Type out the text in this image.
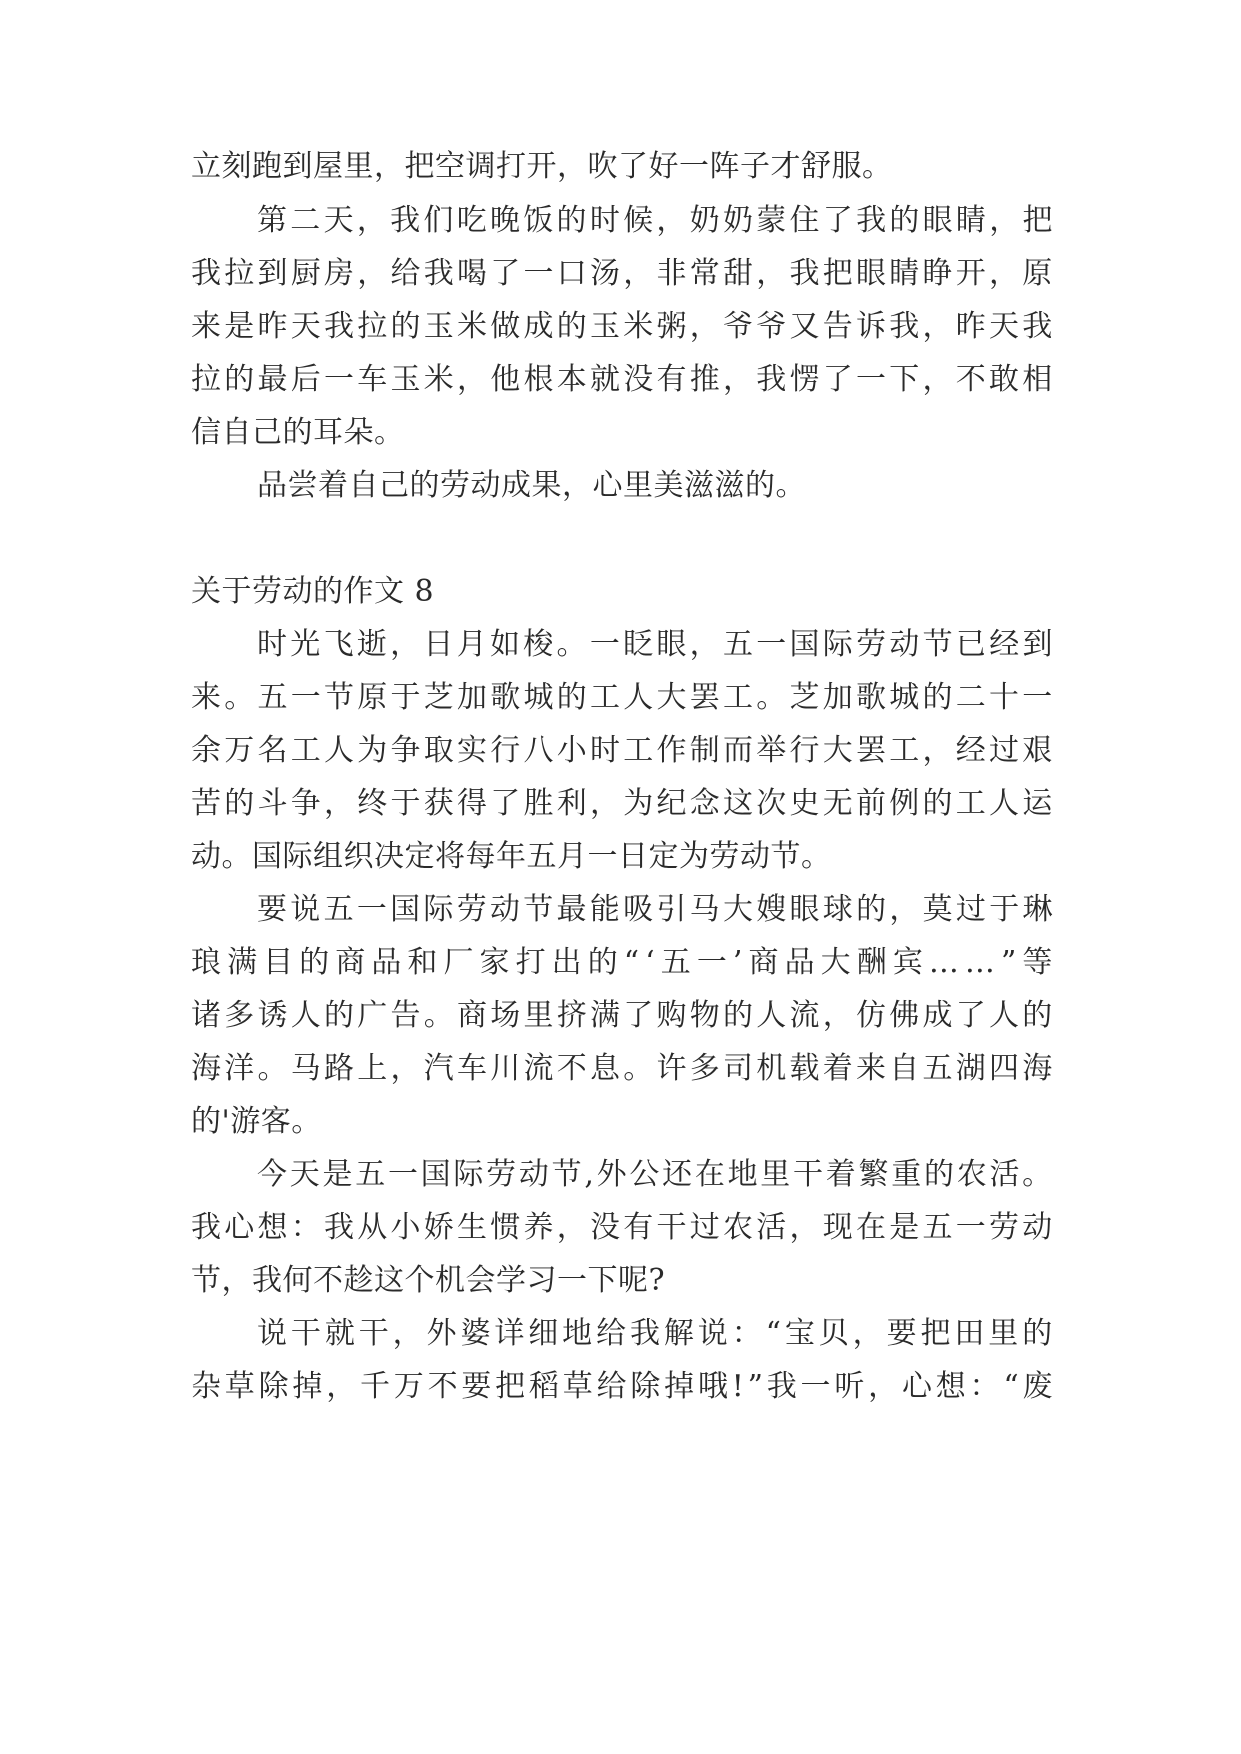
立刻跑到屋里，把空调打开，吹了好一阵子才舒服。
第 二 天 ， 我 们 吃 晚 饭 的 时 候 ， 奶 奶 蒙 住 了 我 的 眼 睛 ， 把
我 拉 到 厨 房 ， 给 我 喝 了 一 口 汤 ， 非 常 甜 ， 我 把 眼 睛 睁 开 ， 原
来 是 昨 天 我 拉 的 玉 米 做 成 的 玉 米 粥 ， 爷 爷 又 告 诉 我 ， 昨 天 我
拉 的 最 后 一 车 玉 米 ， 他 根 本 就 没 有 推 ， 我 愣 了 一 下 ， 不 敢 相
信自己的耳朵。
品尝着自己的劳动成果，心里美滋滋的。
关于劳动的作文 8
时 光 飞 逝 ， 日 月 如 梭 。 一 眨 眼 ， 五 一 国 际 劳 动 节 已 经 到
来 。 五 一 节 原 于 芝 加 歌 城 的 工 人 大 罢 工 。 芝 加 歌 城 的 二 十 一
余 万 名 工 人 为 争 取 实 行 八 小 时 工 作 制 而 举 行 大 罢 工 ， 经 过 艰
苦 的 斗 争 ， 终 于 获 得 了 胜 利 ， 为 纪 念 这 次 史 无 前 例 的 工 人 运
动。国际组织决定将每年五月一日定为劳动节。
要 说 五 一 国 际 劳 动 节 最 能 吸 引 马 大 嫂 眼 球 的 ， 莫 过 于 琳
琅 满 目 的 商 品 和 厂 家 打 出 的 “ ‘ 五 一 ’ 商 品 大 酬 宾 … … ” 等
诸 多 诱 人 的 广 告 。 商 场 里 挤 满 了 购 物 的 人 流 ， 仿 佛 成 了 人 的
海 洋 。 马 路 上 ， 汽 车 川 流 不 息 。 许 多 司 机 载 着 来 自 五 湖 四 海
的'游客。
今 天 是 五 一 国 际 劳 动 节 , 外 公 还 在 地 里 干 着 繁 重 的 农 活 。
我 心 想 ： 我 从 小 娇 生 惯 养 ， 没 有 干 过 农 活 ， 现 在 是 五 一 劳 动
节，我何不趁这个机会学习一下呢?
说 干 就 干 ， 外 婆 详 细 地 给 我 解 说 ： “ 宝 贝 ， 要 把 田 里 的
杂 草 除 掉 ， 千 万 不 要 把 稻 草 给 除 掉 哦 ! ” 我 一 听 ， 心 想 ： “ 废
